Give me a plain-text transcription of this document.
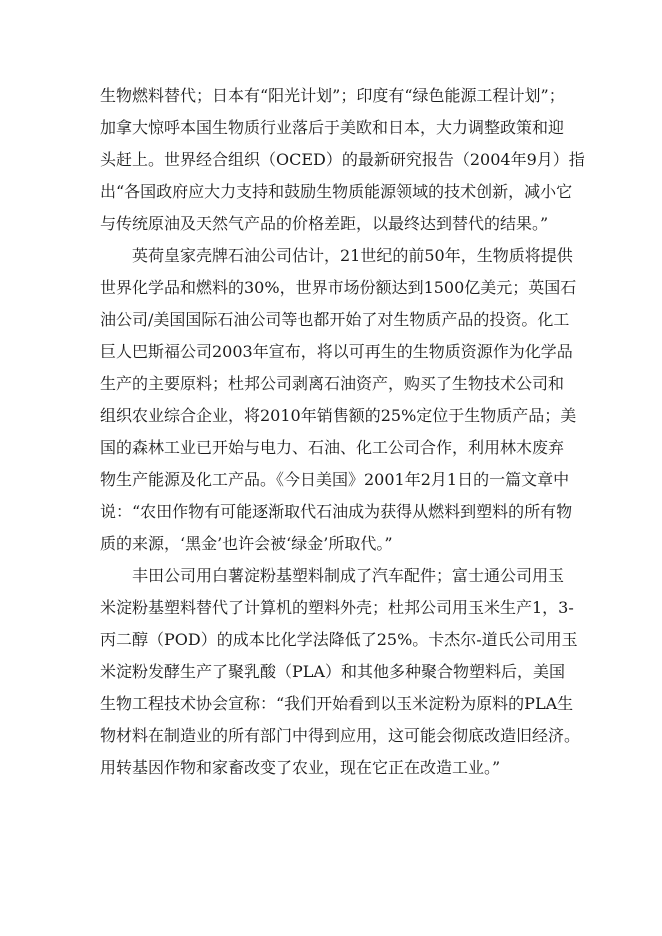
生物燃料替代；日本有“阳光计划”；印度有“绿色能源工程计划”；
加拿大惊呼本国生物质行业落后于美欧和日本，大力调整政策和迎
头赶上。世界经合组织（OCED）的最新研究报告（2004年9月）指
出“各国政府应大力支持和鼓励生物质能源领域的技术创新，减小它
与传统原油及天然气产品的价格差距，以最终达到替代的结果。”
英荷皇家壳牌石油公司估计，21世纪的前50年，生物质将提供
世界化学品和燃料的30%，世界市场份额达到1500亿美元；英国石
油公司/美国国际石油公司等也都开始了对生物质产品的投资。化工
巨人巴斯福公司2003年宣布，将以可再生的生物质资源作为化学品
生产的主要原料；杜邦公司剥离石油资产，购买了生物技术公司和
组织农业综合企业，将2010年销售额的25%定位于生物质产品；美
国的森林工业已开始与电力、石油、化工公司合作，利用林木废弃
物生产能源及化工产品。《今日美国》2001年2月1日的一篇文章中
说：“农田作物有可能逐渐取代石油成为获得从燃料到塑料的所有物
质的来源，‘黑金’也许会被‘绿金’所取代。”
丰田公司用白薯淀粉基塑料制成了汽车配件；富士通公司用玉
米淀粉基塑料替代了计算机的塑料外壳；杜邦公司用玉米生产1，3-
丙二醇（POD）的成本比化学法降低了25%。卡杰尔-道氏公司用玉
米淀粉发酵生产了聚乳酸（PLA）和其他多种聚合物塑料后，美国
生物工程技术协会宣称：“我们开始看到以玉米淀粉为原料的PLA生
物材料在制造业的所有部门中得到应用，这可能会彻底改造旧经济。
用转基因作物和家畜改变了农业，现在它正在改造工业。”
